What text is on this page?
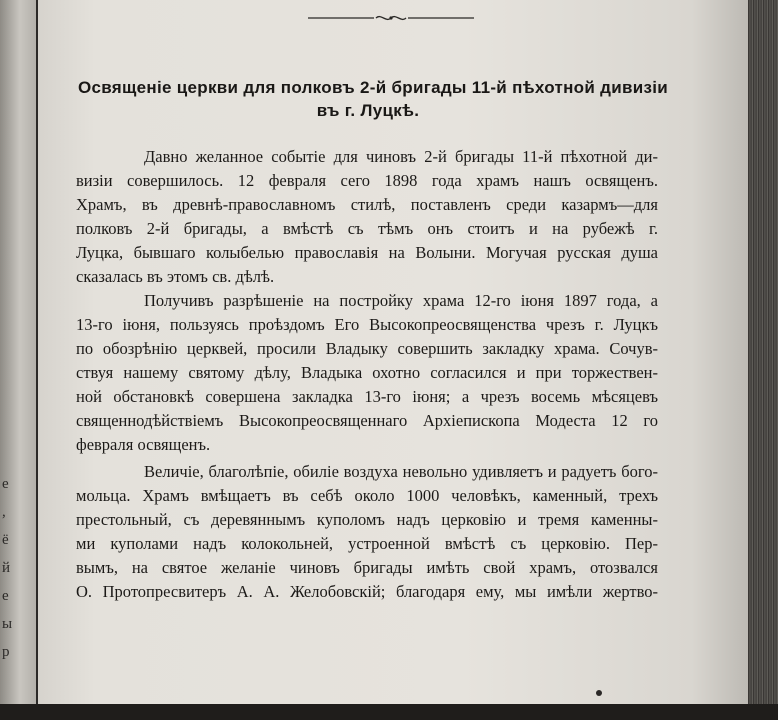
е
,
ё
й
е
ы
р
Освященіе церкви для полковъ 2-й бригады 11-й пѣхотной дивизіи
въ г. Луцкѣ.
Давно желанное событіе для чиновъ 2-й бригады 11-й пѣхотной ди-
визіи совершилось. 12 февраля сего 1898 года храмъ нашъ освященъ.
Храмъ, въ древнѣ-православномъ стилѣ, поставленъ среди казармъ—для
полковъ 2-й бригады, а вмѣстѣ съ тѣмъ онъ стоитъ и на рубежѣ г.
Луцка, бывшаго колыбелью православія на Волыни. Могучая русская душа
сказалась въ этомъ св. дѣлѣ.
Получивъ разрѣшеніе на постройку храма 12-го іюня 1897 года, а
13-го іюня, пользуясь проѣздомъ Его Высокопреосвященства чрезъ г. Луцкъ
по обозрѣнію церквей, просили Владыку совершить закладку храма. Сочув-
ствуя нашему святому дѣлу, Владыка охотно согласился и при торжествен-
ной обстановкѣ совершена закладка 13-го іюня; а чрезъ восемь мѣсяцевъ
священнодѣйствіемъ Высокопреосвященнаго Архіепископа Модеста 12 го
февраля освященъ.
Величіе, благолѣпіе, обиліе воздуха невольно удивляетъ и радуетъ бого-
мольца. Храмъ вмѣщаетъ въ себѣ около 1000 человѣкъ, каменный, трехъ
престольный, съ деревяннымъ куполомъ надъ церковію и тремя каменны-
ми куполами надъ колокольней, устроенной вмѣстѣ съ церковію. Пер-
вымъ, на святое желаніе чиновъ бригады имѣть свой храмъ, отозвался
О. Протопресвитеръ А. А. Желобовскій; благодаря ему, мы имѣли жертво-
